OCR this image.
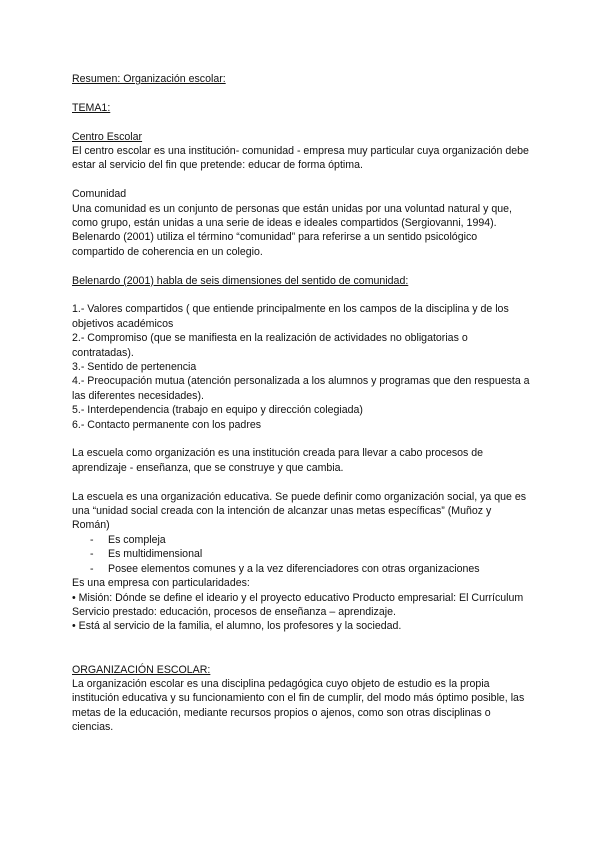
Resumen: Organización escolar:

TEMA1:

Centro Escolar

El centro escolar es una institución- comunidad - empresa muy particular cuya organización debe estar al servicio del fin que pretende: educar de forma óptima.

Comunidad

Una comunidad es un conjunto de personas que están unidas por una voluntad natural y que, como grupo, están unidas a una serie de ideas e ideales compartidos (Sergiovanni, 1994).

Belenardo (2001) utiliza el término “comunidad” para referirse a un sentido psicológico compartido de coherencia en un colegio.

Belenardo (2001) habla de seis dimensiones del sentido de comunidad:

1.- Valores compartidos ( que entiende principalmente en los campos de la disciplina y de los objetivos académicos

2.- Compromiso (que se manifiesta en la realización de actividades no obligatorias o contratadas).

3.- Sentido de pertenencia

4.- Preocupación mutua (atención personalizada a los alumnos y programas que den respuesta a las diferentes necesidades).

5.- Interdependencia (trabajo en equipo y dirección colegiada)

6.- Contacto permanente con los padres

La escuela como organización es una institución creada para llevar a cabo procesos de aprendizaje - enseñanza, que se construye y que cambia.

La escuela es una organización educativa. Se puede definir como organización social, ya que es una “unidad social creada con la intención de alcanzar unas metas específicas” (Muñoz y Román)

- Es compleja

- Es multidimensional

- Posee elementos comunes y a la vez diferenciadores con otras organizaciones

Es una empresa con particularidades:

• Misión: Dónde se define el ideario y el proyecto educativo Producto empresarial: El Currículum

Servicio prestado: educación, procesos de enseñanza – aprendizaje.

• Está al servicio de la familia, el alumno, los profesores y la sociedad.

ORGANIZACIÓN ESCOLAR:

La organización escolar es una disciplina pedagógica cuyo objeto de estudio es la propia institución educativa y su funcionamiento con el fin de cumplir, del modo más óptimo posible, las metas de la educación, mediante recursos propios o ajenos, como son otras disciplinas o ciencias.
